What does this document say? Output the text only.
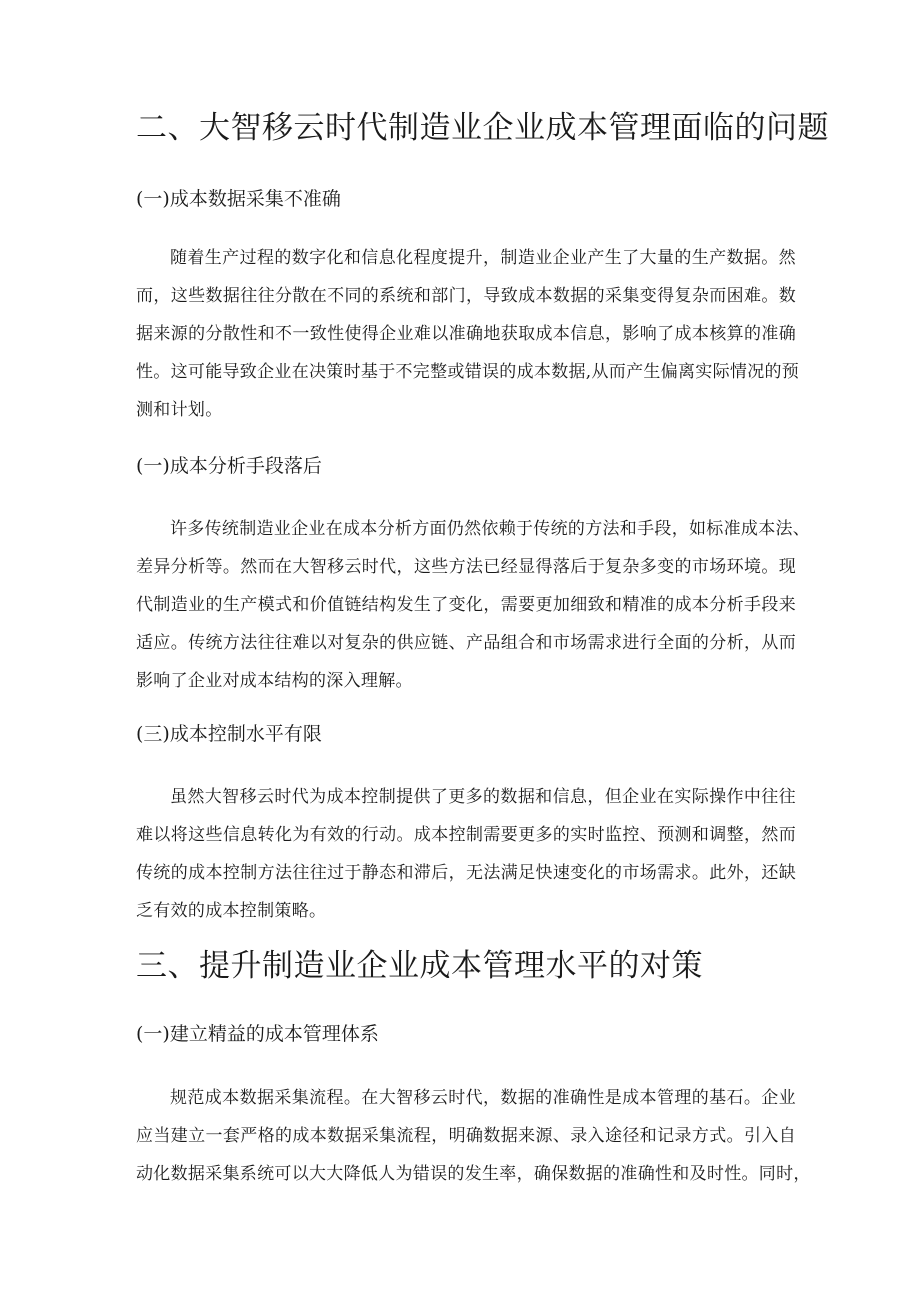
二、大智移云时代制造业企业成本管理面临的问题
(一)成本数据采集不准确
随着生产过程的数字化和信息化程度提升，制造业企业产生了大量的生产数据。然
而，这些数据往往分散在不同的系统和部门，导致成本数据的采集变得复杂而困难。数
据来源的分散性和不一致性使得企业难以准确地获取成本信息，影响了成本核算的准确
性。这可能导致企业在决策时基于不完整或错误的成本数据,从而产生偏离实际情况的预
测和计划。
(一)成本分析手段落后
许多传统制造业企业在成本分析方面仍然依赖于传统的方法和手段，如标准成本法、
差异分析等。然而在大智移云时代，这些方法已经显得落后于复杂多变的市场环境。现
代制造业的生产模式和价值链结构发生了变化，需要更加细致和精准的成本分析手段来
适应。传统方法往往难以对复杂的供应链、产品组合和市场需求进行全面的分析，从而
影响了企业对成本结构的深入理解。
(三)成本控制水平有限
虽然大智移云时代为成本控制提供了更多的数据和信息，但企业在实际操作中往往
难以将这些信息转化为有效的行动。成本控制需要更多的实时监控、预测和调整，然而
传统的成本控制方法往往过于静态和滞后，无法满足快速变化的市场需求。此外，还缺
乏有效的成本控制策略。
三、提升制造业企业成本管理水平的对策
(一)建立精益的成本管理体系
规范成本数据采集流程。在大智移云时代，数据的准确性是成本管理的基石。企业
应当建立一套严格的成本数据采集流程，明确数据来源、录入途径和记录方式。引入自
动化数据采集系统可以大大降低人为错误的发生率，确保数据的准确性和及时性。同时，
